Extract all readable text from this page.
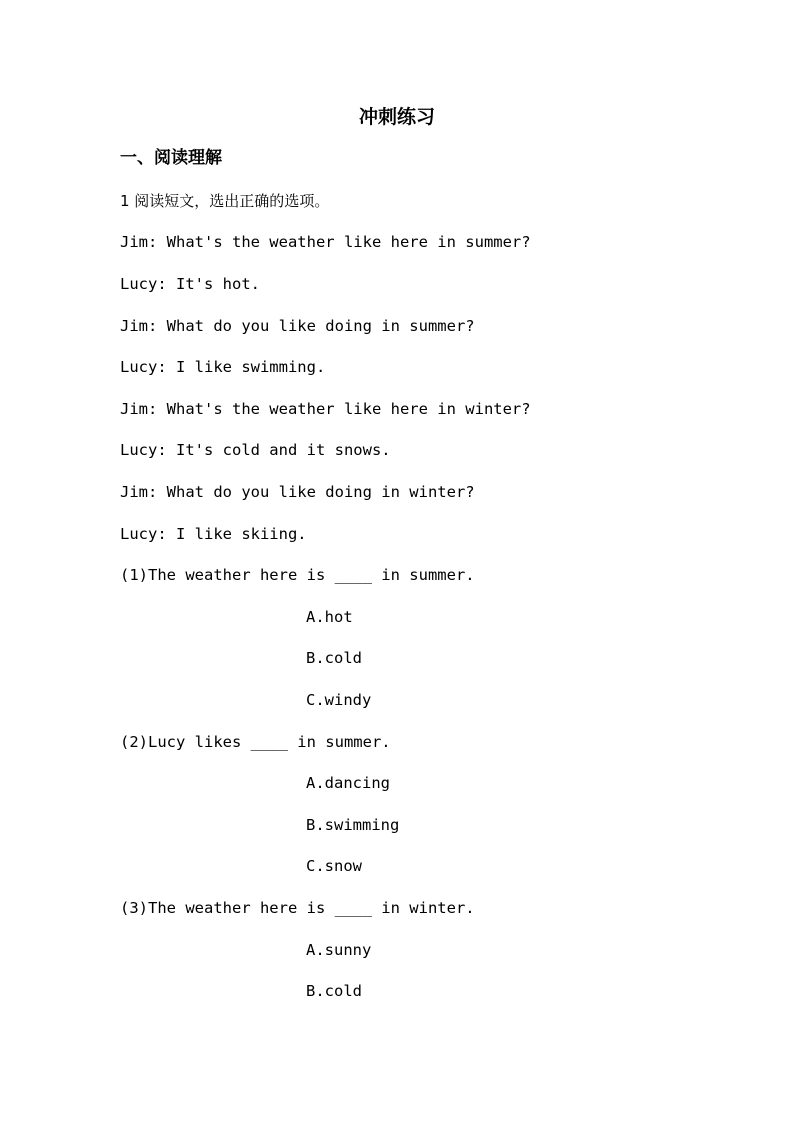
冲刺练习
一、阅读理解
1 阅读短文，选出正确的选项。
Jim: What's the weather like here in summer?
Lucy: It's hot.
Jim: What do you like doing in summer?
Lucy: I like swimming.
Jim: What's the weather like here in winter?
Lucy: It's cold and it snows.
Jim: What do you like doing in winter?
Lucy: I like skiing.
(1)The weather here is ____ in summer.
A.hot
B.cold
C.windy
(2)Lucy likes ____ in summer.
A.dancing
B.swimming
C.snow
(3)The weather here is ____ in winter.
A.sunny
B.cold
